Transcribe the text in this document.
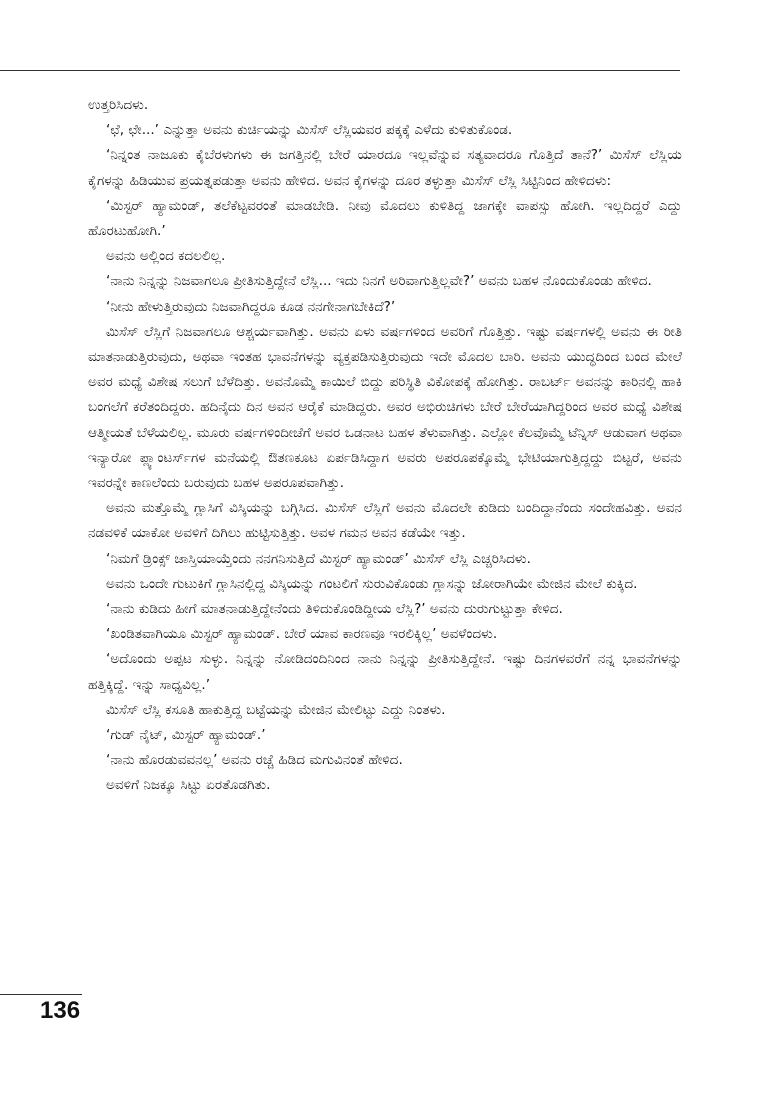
ಉತ್ತರಿಸಿದಳು.

‘ಛೆ, ಛೇ...’ ಎನ್ನುತ್ತಾ ಅವನು ಕುರ್ಚಿಯನ್ನು ಮಿಸೆಸ್ ಲೆಸ್ಲಿಯವರ ಪಕ್ಕಕ್ಕೆ ಎಳೆದು ಕುಳಿತುಕೊಂಡ.

‘ನಿನ್ನಂತ ನಾಜೂಕು ಕೈಬೆರಳುಗಳು ಈ ಜಗತ್ತಿನಲ್ಲಿ ಬೇರೆ ಯಾರದೂ ಇಲ್ಲವೆನ್ನುವ ಸತ್ಯವಾದರೂ ಗೊತ್ತಿದೆ ತಾನೆ?’ ಮಿಸೆಸ್ ಲೆಸ್ಲಿಯ ಕೈಗಳನ್ನು ಹಿಡಿಯುವ ಪ್ರಯತ್ನಪಡುತ್ತಾ ಅವನು ಹೇಳಿದ. ಅವನ ಕೈಗಳನ್ನು ದೂರ ತಳ್ಳುತ್ತಾ ಮಿಸೆಸ್ ಲೆಸ್ಲಿ ಸಿಟ್ಟಿನಿಂದ ಹೇಳಿದಳು:

‘ಮಿಸ್ಟರ್ ಹ್ಯಾಮಂಡ್, ತಲೆಕೆಟ್ಟವರಂತೆ ಮಾಡಬೇಡಿ. ನೀವು ಮೊದಲು ಕುಳಿತಿದ್ದ ಜಾಗಕ್ಕೇ ವಾಪಸ್ಸು ಹೋಗಿ. ಇಲ್ಲದಿದ್ದರೆ ಎದ್ದು ಹೊರಟುಹೋಗಿ.’

ಅವನು ಅಲ್ಲಿಂದ ಕದಲಲಿಲ್ಲ.

‘ನಾನು ನಿನ್ನನ್ನು ನಿಜವಾಗಲೂ ಪ್ರೀತಿಸುತ್ತಿದ್ದೇನೆ ಲೆಸ್ಲಿ... ಇದು ನಿನಗೆ ಅರಿವಾಗುತ್ತಿಲ್ಲವೇ?’ ಅವನು ಬಹಳ ನೊಂದುಕೊಂಡು ಹೇಳಿದ.

‘ನೀನು ಹೇಳುತ್ತಿರುವುದು ನಿಜವಾಗಿದ್ದರೂ ಕೂಡ ನನಗೇನಾಗಬೇಕಿದೆ?’

ಮಿಸೆಸ್ ಲೆಸ್ಲಿಗೆ ನಿಜವಾಗಲೂ ಆಶ್ಚರ್ಯವಾಗಿತ್ತು. ಅವನು ಏಳು ವರ್ಷಗಳಿಂದ ಅವರಿಗೆ ಗೊತ್ತಿತ್ತು. ಇಷ್ಟು ವರ್ಷಗಳಲ್ಲಿ ಅವನು ಈ ರೀತಿ ಮಾತನಾಡುತ್ತಿರುವುದು, ಅಥವಾ ಇಂತಹ ಭಾವನೆಗಳನ್ನು ವ್ಯಕ್ತಪಡಿಸುತ್ತಿರುವುದು ಇದೇ ಮೊದಲ ಬಾರಿ. ಅವನು ಯುದ್ಧದಿಂದ ಬಂದ ಮೇಲೆ ಅವರ ಮಧ್ಯೆ ವಿಶೇಷ ಸಲುಗೆ ಬೆಳೆದಿತ್ತು. ಅವನೊಮ್ಮೆ ಕಾಯಿಲೆ ಬಿದ್ದು ಪರಿಸ್ಥಿತಿ ವಿಕೋಪಕ್ಕೆ ಹೋಗಿತ್ತು. ರಾಬರ್ಟ್ ಅವನನ್ನು ಕಾರಿನಲ್ಲಿ ಹಾಕಿ ಬಂಗಲೆಗೆ ಕರೆತಂದಿದ್ದರು. ಹದಿನೈದು ದಿನ ಅವನ ಆರೈಕೆ ಮಾಡಿದ್ದರು. ಅವರ ಅಭಿರುಚಿಗಳು ಬೇರೆ ಬೇರೆಯಾಗಿದ್ದರಿಂದ ಅವರ ಮಧ್ಯೆ ವಿಶೇಷ ಆತ್ಮೀಯತೆ ಬೆಳೆಯಲಿಲ್ಲ. ಮೂರು ವರ್ಷಗಳಿಂದೀಚೆಗೆ ಅವರ ಒಡನಾಟ ಬಹಳ ತೆಳುವಾಗಿತ್ತು. ಎಲ್ಲೋ ಕೆಲವೊಮ್ಮೆ ಟೆನ್ನಿಸ್ ಆಡುವಾಗ ಅಥವಾ ಇನ್ಯಾರೋ ಪ್ಲ್ಯಾಂಟರ್ಸ್‌ಗಳ ಮನೆಯಲ್ಲಿ ಔತಣಕೂಟ ಏರ್ಪಡಿಸಿದ್ದಾಗ ಅವರು ಅಪರೂಪಕ್ಕೊಮ್ಮೆ ಭೇಟಿಯಾಗುತ್ತಿದ್ದದ್ದು ಬಿಟ್ಟರೆ, ಅವನು ಇವರನ್ನೇ ಕಾಣಲೆಂದು ಬರುವುದು ಬಹಳ ಅಪರೂಪವಾಗಿತ್ತು.

ಅವನು ಮತ್ತೊಮ್ಮೆ ಗ್ಲಾಸಿಗೆ ವಿಸ್ಕಿಯನ್ನು ಬಗ್ಗಿಸಿದ. ಮಿಸೆಸ್ ಲೆಸ್ಲಿಗೆ ಅವನು ಮೊದಲೇ ಕುಡಿದು ಬಂದಿದ್ದಾನೆಂದು ಸಂದೇಹವಿತ್ತು. ಅವನ ನಡವಳಿಕೆ ಯಾಕೋ ಅವಳಿಗೆ ದಿಗಿಲು ಹುಟ್ಟಿಸುತ್ತಿತ್ತು. ಅವಳ ಗಮನ ಅವನ ಕಡೆಯೇ ಇತ್ತು.

‘ನಿಮಗೆ ಡ್ರಿಂಕ್ಸ್ ಜಾಸ್ತಿಯಾಯ್ತೆಂದು ನನಗನಿಸುತ್ತಿದೆ ಮಿಸ್ಟರ್ ಹ್ಯಾಮಂಡ್’ ಮಿಸೆಸ್ ಲೆಸ್ಲಿ ಎಚ್ಚರಿಸಿದಳು.

ಅವನು ಒಂದೇ ಗುಟುಕಿಗೆ ಗ್ಲಾಸಿನಲ್ಲಿದ್ದ ವಿಸ್ಕಿಯನ್ನು ಗಂಟಲಿಗೆ ಸುರುವಿಕೊಂಡು ಗ್ಲಾಸನ್ನು ಜೋರಾಗಿಯೇ ಮೇಜಿನ ಮೇಲೆ ಕುಕ್ಕಿದ.

‘ನಾನು ಕುಡಿದು ಹೀಗೆ ಮಾತನಾಡುತ್ತಿದ್ದೇನೆಂದು ತಿಳಿದುಕೊಂಡಿದ್ದೀಯ ಲೆಸ್ಲಿ?’ ಅವನು ದುರುಗುಟ್ಟುತ್ತಾ ಕೇಳಿದ.

‘ಖಂಡಿತವಾಗಿಯೂ ಮಿಸ್ಟರ್ ಹ್ಯಾಮಂಡ್. ಬೇರೆ ಯಾವ ಕಾರಣವೂ ಇರಲಿಕ್ಕಿಲ್ಲ’ ಅವಳೆಂದಳು.

‘ಅದೊಂದು ಅಪ್ಪಟ ಸುಳ್ಳು. ನಿನ್ನನ್ನು ನೋಡಿದಂದಿನಿಂದ ನಾನು ನಿನ್ನನ್ನು ಪ್ರೀತಿಸುತ್ತಿದ್ದೇನೆ. ಇಷ್ಟು ದಿನಗಳವರೆಗೆ ನನ್ನ ಭಾವನೆಗಳನ್ನು ಹತ್ತಿಕ್ಕಿದ್ದೆ. ಇನ್ನು ಸಾಧ್ಯವಿಲ್ಲ.’

ಮಿಸೆಸ್ ಲೆಸ್ಲಿ ಕಸೂತಿ ಹಾಕುತ್ತಿದ್ದ ಬಟ್ಟೆಯನ್ನು ಮೇಜಿನ ಮೇಲಿಟ್ಟು ಎದ್ದು ನಿಂತಳು.

‘ಗುಡ್ ನೈಟ್, ಮಿಸ್ಟರ್ ಹ್ಯಾಮಂಡ್.’

‘ನಾನು ಹೊರಡುವವನಲ್ಲ’ ಅವನು ರಚ್ಚೆ ಹಿಡಿದ ಮಗುವಿನಂತೆ ಹೇಳಿದ.

ಅವಳಿಗೆ ನಿಜಕ್ಕೂ ಸಿಟ್ಟು ಏರತೊಡಗಿತು.

136
